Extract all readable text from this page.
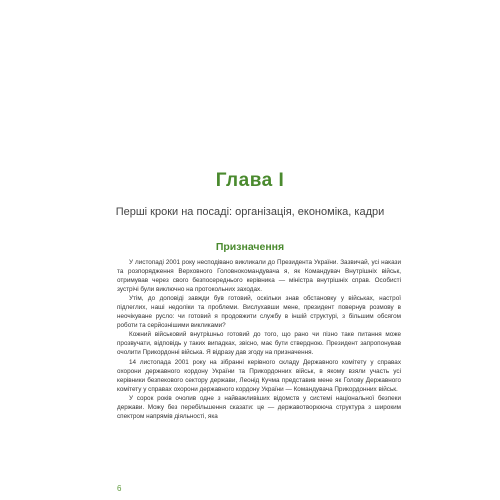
Глава І
Перші кроки на посаді: організація, економіка, кадри
Призначення

У листопаді 2001 року несподівано викликали до Президента України. Зазвичай, усі накази та розпорядження Верховного Головнокомандувача я, як Командувач Внутрішніх військ, отримував через свого безпосереднього керівника — міністра внутрішніх справ. Особисті зустрічі були виключно на протокольних заходах.

Утім, до доповіді завжди був готовий, оскільки знав обстановку у військах, настрої підлеглих, наші недоліки та проблеми. Вислухавши мене, президент повернув розмову в неочікуване русло: чи готовий я продовжити службу в іншій структурі, з більшим обсягом роботи та серйознішими викликами?

Кожний військовий внутрішньо готовий до того, що рано чи пізно таке питання може прозвучати, відповідь у таких випадках, звісно, має бути ствердною. Президент запропонував очолити Прикордонні війська. Я відразу дав згоду на призначення.

14 листопада 2001 року на зібранні керівного складу Державного комітету у справах охорони державного кордону України та Прикордонних військ, в якому взяли участь усі керівники безпекового сектору держави, Леонід Кучма представив мене як Голову Державного комітету у справах охорони державного кордону України — Командувача Прикордонних військ.

У сорок років очолив одне з найважливіших відомств у системі національної безпеки держави. Можу без перебільшення сказати: це — державотворююча структура з широким спектром напрямів діяльності, яка

6
